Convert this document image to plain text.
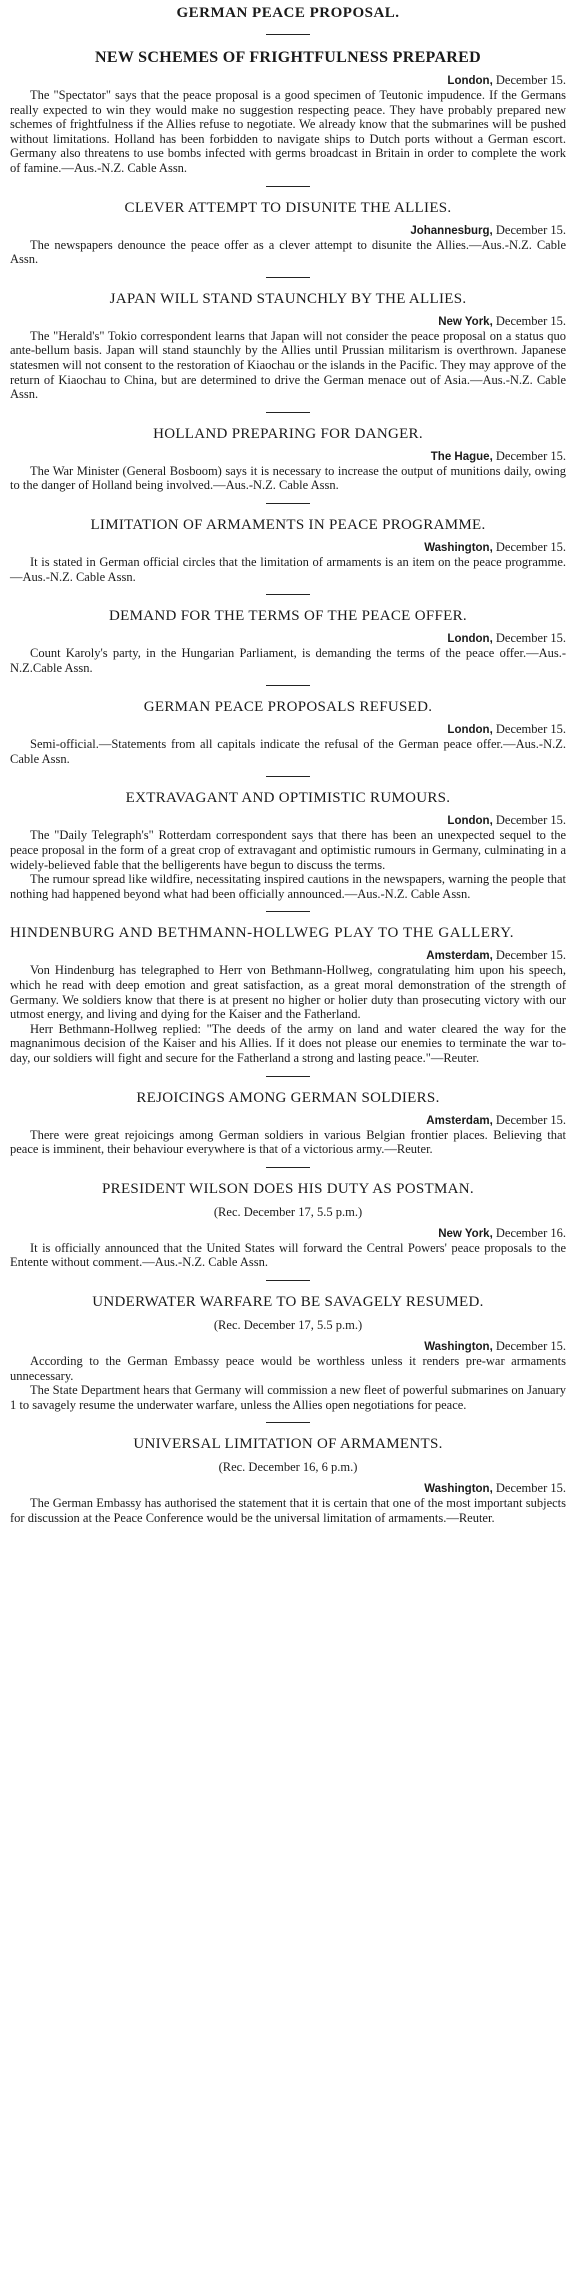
GERMAN PEACE PROPOSAL.
NEW SCHEMES OF FRIGHTFULNESS PREPARED
London, December 15.

The "Spectator" says that the peace proposal is a good specimen of Teutonic impudence. If the Germans really expected to win they would make no suggestion respecting peace. They have probably prepared new schemes of frightfulness if the Allies refuse to negotiate. We already know that the submarines will be pushed without limitations. Holland has been forbidden to navigate ships to Dutch ports without a German escort. Germany also threatens to use bombs infected with germs broadcast in Britain in order to complete the work of famine.—Aus.-N.Z. Cable Assn.

CLEVER ATTEMPT TO DISUNITE THE ALLIES.
Johannesburg, December 15.

The newspapers denounce the peace offer as a clever attempt to disunite the Allies.—Aus.-N.Z. Cable Assn.

JAPAN WILL STAND STAUNCHLY BY THE ALLIES.
New York, December 15.

The "Herald's" Tokio correspondent learns that Japan will not consider the peace proposal on a status quo ante-bellum basis. Japan will stand staunchly by the Allies until Prussian militarism is overthrown. Japanese statesmen will not consent to the restoration of Kiaochau or the islands in the Pacific. They may approve of the return of Kiaochau to China, but are determined to drive the German menace out of Asia.—Aus.-N.Z. Cable Assn.

HOLLAND PREPARING FOR DANGER.
The Hague, December 15.

The War Minister (General Bosboom) says it is necessary to increase the output of munitions daily, owing to the danger of Holland being involved.—Aus.-N.Z. Cable Assn.

LIMITATION OF ARMAMENTS IN PEACE PROGRAMME.
Washington, December 15.

It is stated in German official circles that the limitation of armaments is an item on the peace programme.—Aus.-N.Z. Cable Assn.

DEMAND FOR THE TERMS OF THE PEACE OFFER.
London, December 15.

Count Karoly's party, in the Hungarian Parliament, is demanding the terms of the peace offer.—Aus.-N.Z.Cable Assn.

GERMAN PEACE PROPOSALS REFUSED.
London, December 15.

Semi-official.—Statements from all capitals indicate the refusal of the German peace offer.—Aus.-N.Z. Cable Assn.

EXTRAVAGANT AND OPTIMISTIC RUMOURS.
London, December 15.

The "Daily Telegraph's" Rotterdam correspondent says that there has been an unexpected sequel to the peace proposal in the form of a great crop of extravagant and optimistic rumours in Germany, culminating in a widely-believed fable that the belligerents have begun to discuss the terms.

The rumour spread like wildfire, necessitating inspired cautions in the newspapers, warning the people that nothing had happened beyond what had been officially announced.—Aus.-N.Z. Cable Assn.

HINDENBURG AND BETHMANN-HOLLWEG PLAY TO THE GALLERY.
Amsterdam, December 15.

Von Hindenburg has telegraphed to Herr von Bethmann-Hollweg, congratulating him upon his speech, which he read with deep emotion and great satisfaction, as a great moral demonstration of the strength of Germany. We soldiers know that there is at present no higher or holier duty than prosecuting victory with our utmost energy, and living and dying for the Kaiser and the Fatherland.

Herr Bethmann-Hollweg replied: "The deeds of the army on land and water cleared the way for the magnanimous decision of the Kaiser and his Allies. If it does not please our enemies to terminate the war to-day, our soldiers will fight and secure for the Fatherland a strong and lasting peace."—Reuter.

REJOICINGS AMONG GERMAN SOLDIERS.
Amsterdam, December 15.

There were great rejoicings among German soldiers in various Belgian frontier places. Believing that peace is imminent, their behaviour everywhere is that of a victorious army.—Reuter.

PRESIDENT WILSON DOES HIS DUTY AS POSTMAN.
(Rec. December 17, 5.5 p.m.)
New York, December 16.

It is officially announced that the United States will forward the Central Powers' peace proposals to the Entente without comment.—Aus.-N.Z. Cable Assn.

UNDERWATER WARFARE TO BE SAVAGELY RESUMED.
(Rec. December 17, 5.5 p.m.)
Washington, December 15.

According to the German Embassy peace would be worthless unless it renders pre-war armaments unnecessary.

The State Department hears that Germany will commission a new fleet of powerful submarines on January 1 to savagely resume the underwater warfare, unless the Allies open negotiations for peace.

UNIVERSAL LIMITATION OF ARMAMENTS.
(Rec. December 16, 6 p.m.)
Washington, December 15.

The German Embassy has authorised the statement that it is certain that one of the most important subjects for discussion at the Peace Conference would be the universal limitation of armaments.—Reuter.
